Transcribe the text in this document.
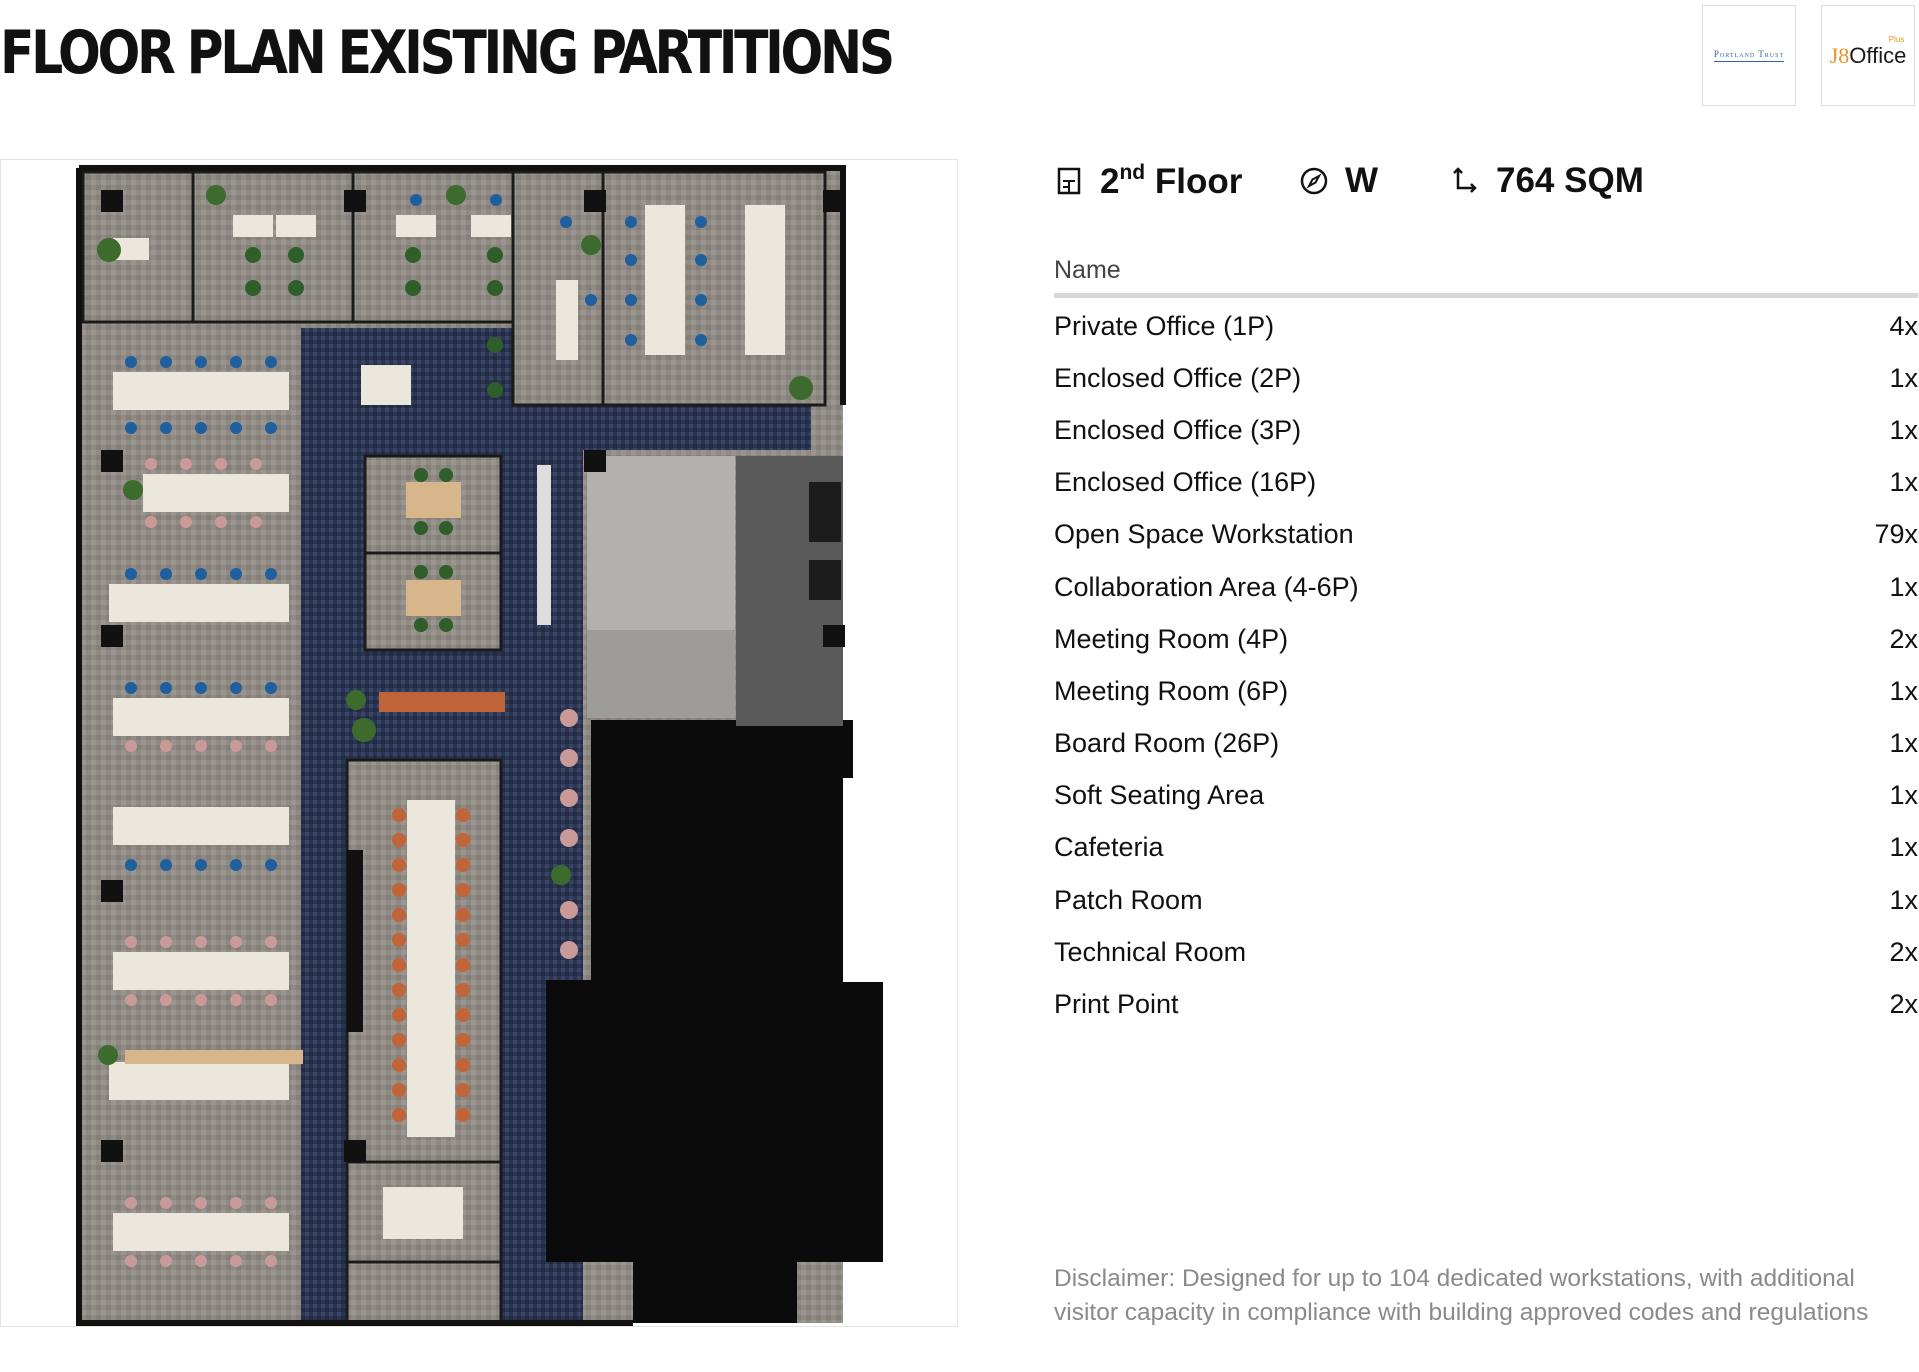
FLOOR PLAN EXISTING PARTITIONS	Portland Trust J8Office
Plus
2nd Floor	W	764 SQM
Name
Private Office (1P)	4x
Enclosed Office (2P)	1x
Enclosed Office (3P)	1x
Enclosed Office (16P)	1x
Open Space Workstation	79x
Collaboration Area (4-6P)	1x
Meeting Room (4P)	2x
Meeting Room (6P)	1x
Board Room (26P)	1x
Soft Seating Area	1x
Cafeteria	1x
Patch Room	1x
Technical Room	2x
Print Point	2x
Disclaimer: Designed for up to 104 dedicated workstations, with additional visitor capacity in compliance with building approved codes and regulations
